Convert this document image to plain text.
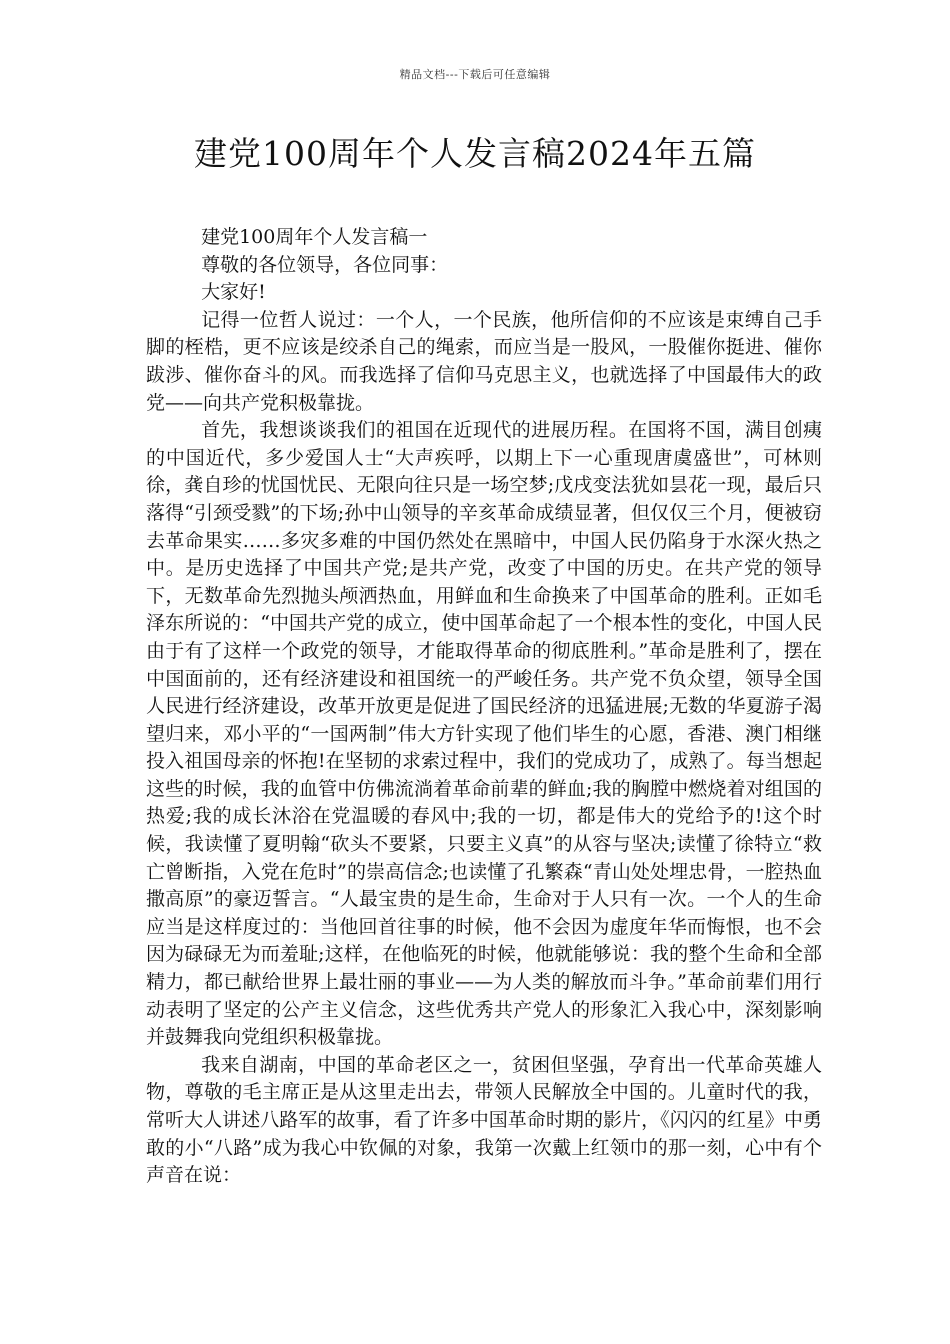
精品文档---下载后可任意编辑
建党100周年个人发言稿2024年五篇

建党100周年个人发言稿一

尊敬的各位领导，各位同事：

大家好!

记得一位哲人说过：一个人，一个民族，他所信仰的不应该是束缚自己手脚的桎梏，更不应该是绞杀自己的绳索，而应当是一股风，一股催你挺进、催你跋涉、催你奋斗的风。而我选择了信仰马克思主义，也就选择了中国最伟大的政党——向共产党积极靠拢。

首先，我想谈谈我们的祖国在近现代的进展历程。在国将不国，满目创痍的中国近代，多少爱国人士“大声疾呼，以期上下一心重现唐虞盛世”，可林则徐，龚自珍的忧国忧民、无限向往只是一场空梦;戊戌变法犹如昙花一现，最后只落得“引颈受戮”的下场;孙中山领导的辛亥革命成绩显著，但仅仅三个月，便被窃去革命果实……多灾多难的中国仍然处在黑暗中，中国人民仍陷身于水深火热之中。是历史选择了中国共产党;是共产党，改变了中国的历史。在共产党的领导下，无数革命先烈抛头颅洒热血，用鲜血和生命换来了中国革命的胜利。正如毛泽东所说的：“中国共产党的成立，使中国革命起了一个根本性的变化，中国人民由于有了这样一个政党的领导，才能取得革命的彻底胜利。”革命是胜利了，摆在中国面前的，还有经济建设和祖国统一的严峻任务。共产党不负众望，领导全国人民进行经济建设，改革开放更是促进了国民经济的迅猛进展;无数的华夏游子渴望归来，邓小平的“一国两制”伟大方针实现了他们毕生的心愿，香港、澳门相继投入祖国母亲的怀抱!在坚韧的求索过程中，我们的党成功了，成熟了。每当想起这些的时候，我的血管中仿佛流淌着革命前辈的鲜血;我的胸膛中燃烧着对组国的热爱;我的成长沐浴在党温暖的春风中;我的一切，都是伟大的党给予的!这个时候，我读懂了夏明翰“砍头不要紧，只要主义真”的从容与坚决;读懂了徐特立“救亡曾断指，入党在危时”的崇高信念;也读懂了孔繁森“青山处处埋忠骨，一腔热血撒高原”的豪迈誓言。“人最宝贵的是生命，生命对于人只有一次。一个人的生命应当是这样度过的：当他回首往事的时候，他不会因为虚度年华而悔恨，也不会因为碌碌无为而羞耻;这样，在他临死的时候，他就能够说：我的整个生命和全部精力，都已献给世界上最壮丽的事业——为人类的解放而斗争。”革命前辈们用行动表明了坚定的公产主义信念，这些优秀共产党人的形象汇入我心中，深刻影响并鼓舞我向党组织积极靠拢。

我来自湖南，中国的革命老区之一，贫困但坚强，孕育出一代革命英雄人物，尊敬的毛主席正是从这里走出去，带领人民解放全中国的。儿童时代的我，常听大人讲述八路军的故事，看了许多中国革命时期的影片，《闪闪的红星》中勇敢的小“八路”成为我心中钦佩的对象，我第一次戴上红领巾的那一刻，心中有个声音在说：
